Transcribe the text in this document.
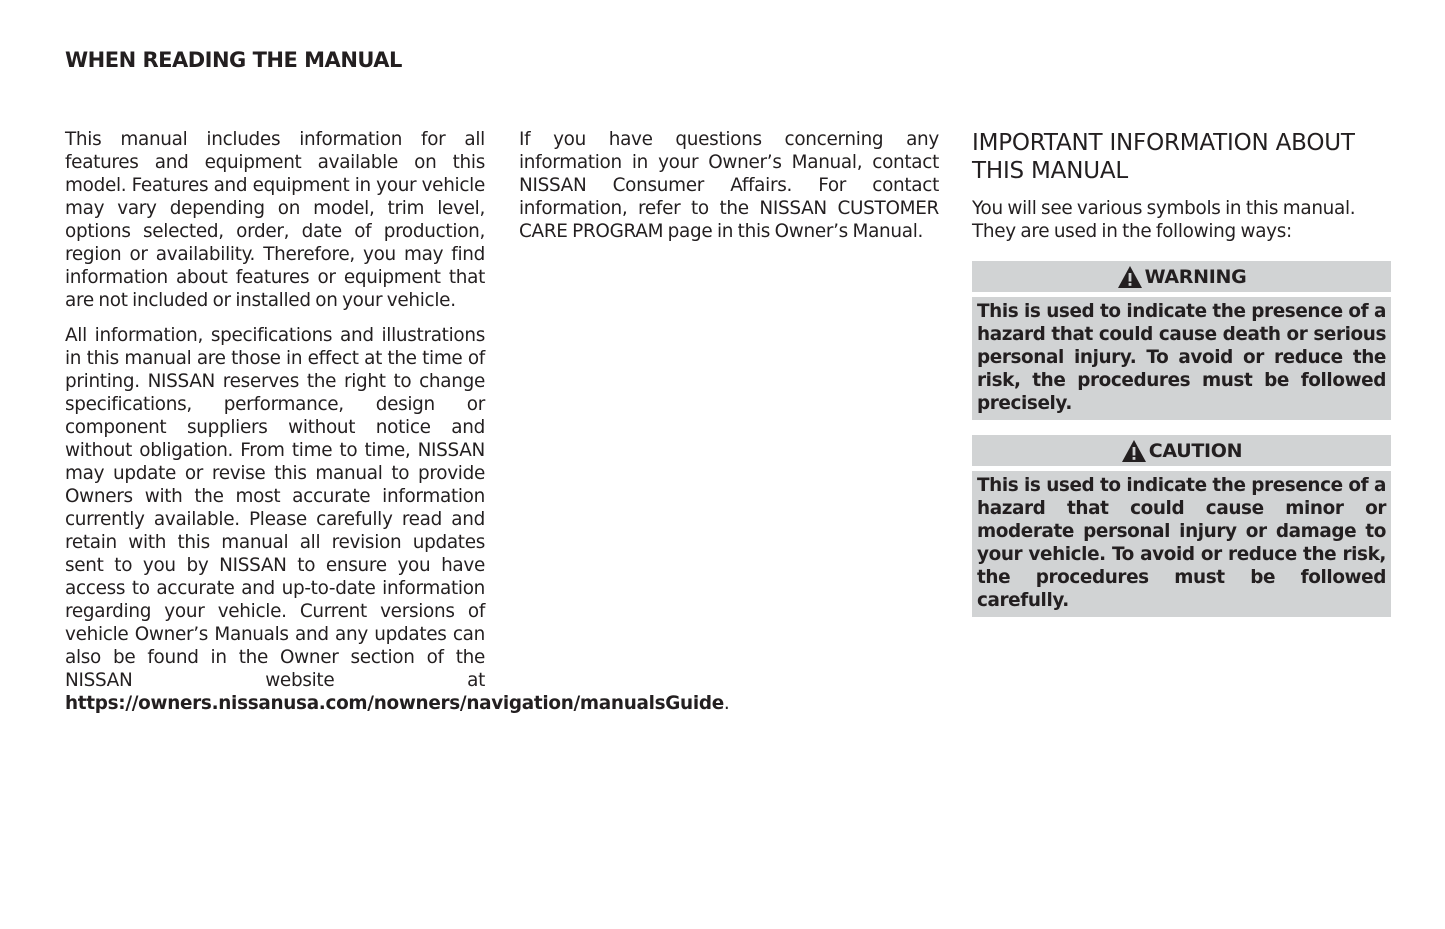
WHEN READING THE MANUAL

This manual includes information for all features and equipment available on this model. Features and equipment in your vehicle may vary depending on model, trim level, options selected, order, date of production, region or availability. Therefore, you may find information about features or equipment that are not included or installed on your vehicle.

All information, specifications and illustrations in this manual are those in effect at the time of printing. NISSAN reserves the right to change specifications, performance, design or component suppliers without notice and without obligation. From time to time, NISSAN may update or revise this manual to provide Owners with the most accurate information currently available. Please carefully read and retain with this manual all revision updates sent to you by NISSAN to ensure you have access to accurate and up-to-date information regarding your vehicle. Current versions of vehicle Owner’s Manuals and any updates can also be found in the Owner section of the NISSAN website at https://owners.nissanusa.com/nowners/navigation/manualsGuide.

If you have questions concerning any information in your Owner’s Manual, contact NISSAN Consumer Affairs. For contact information, refer to the NISSAN CUSTOMER CARE PROGRAM page in this Owner’s Manual.

IMPORTANT INFORMATION ABOUT THIS MANUAL

You will see various symbols in this manual. They are used in the following ways:

WARNING

This is used to indicate the presence of a hazard that could cause death or serious personal injury. To avoid or reduce the risk, the procedures must be followed precisely.

CAUTION

This is used to indicate the presence of a hazard that could cause minor or moderate personal injury or damage to your vehicle. To avoid or reduce the risk, the procedures must be followed carefully.
